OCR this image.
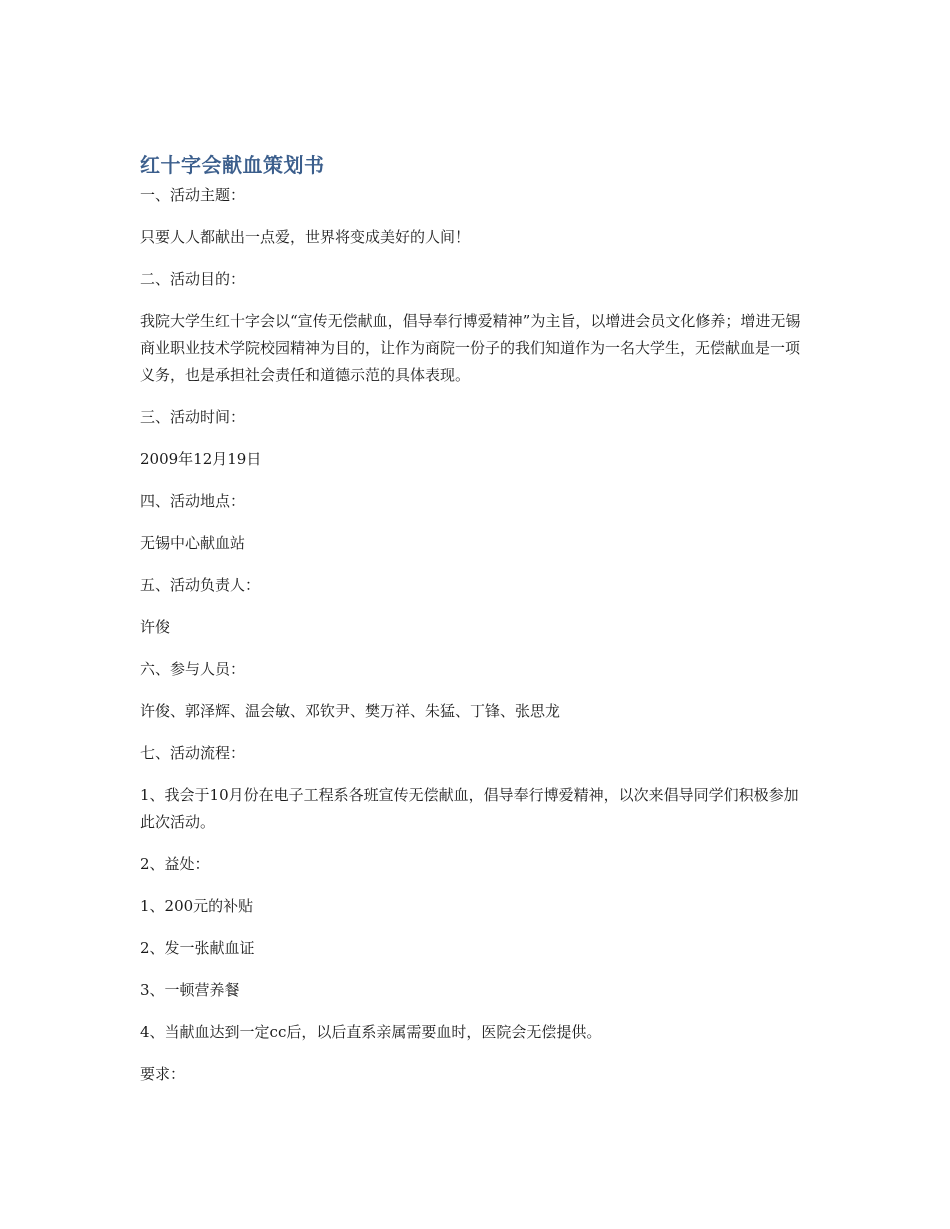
红十字会献血策划书

一、活动主题：

只要人人都献出一点爱，世界将变成美好的人间！

二、活动目的：

我院大学生红十字会以“宣传无偿献血，倡导奉行博爱精神”为主旨，以增进会员文化修养；增进无锡商业职业技术学院校园精神为目的，让作为商院一份子的我们知道作为一名大学生，无偿献血是一项义务，也是承担社会责任和道德示范的具体表现。

三、活动时间：

2009年12月19日

四、活动地点：

无锡中心献血站

五、活动负责人：

许俊

六、参与人员：

许俊、郭泽辉、温会敏、邓钦尹、樊万祥、朱猛、丁锋、张思龙

七、活动流程：

1、我会于10月份在电子工程系各班宣传无偿献血，倡导奉行博爱精神，以次来倡导同学们积极参加此次活动。

2、益处：

1、200元的补贴

2、发一张献血证

3、一顿营养餐

4、当献血达到一定cc后，以后直系亲属需要血时，医院会无偿提供。

要求：
